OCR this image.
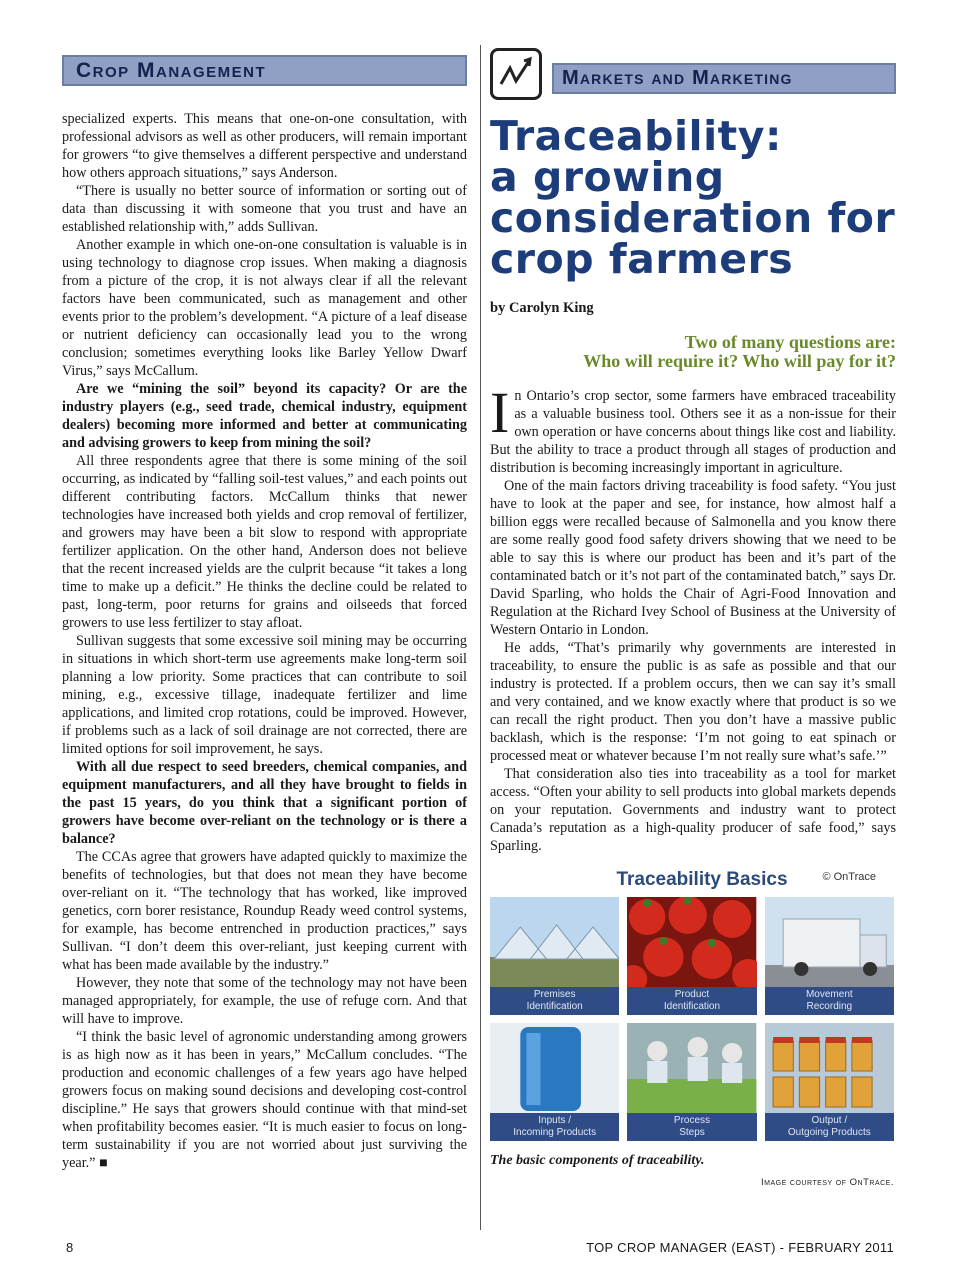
Crop Management

specialized experts. This means that one-on-one consultation, with professional advisors as well as other producers, will remain important for growers “to give themselves a different perspective and understand how others approach situations,” says Anderson.

“There is usually no better source of information or sorting out of data than discussing it with someone that you trust and have an established relationship with,” adds Sullivan.

Another example in which one-on-one consultation is valuable is in using technology to diagnose crop issues. When making a diagnosis from a picture of the crop, it is not always clear if all the relevant factors have been communicated, such as management and other events prior to the problem’s development. “A picture of a leaf disease or nutrient deficiency can occasionally lead you to the wrong conclusion; sometimes everything looks like Barley Yellow Dwarf Virus,” says McCallum.

Are we “mining the soil” beyond its capacity? Or are the industry players (e.g., seed trade, chemical industry, equipment dealers) becoming more informed and better at communicating and advising growers to keep from mining the soil?

All three respondents agree that there is some mining of the soil occurring, as indicated by “falling soil-test values,” and each points out different contributing factors. McCallum thinks that newer technologies have increased both yields and crop removal of fertilizer, and growers may have been a bit slow to respond with appropriate fertilizer application. On the other hand, Anderson does not believe that the recent increased yields are the culprit because “it takes a long time to make up a deficit.” He thinks the decline could be related to past, long-term, poor returns for grains and oilseeds that forced growers to use less fertilizer to stay afloat.

Sullivan suggests that some excessive soil mining may be occurring in situations in which short-term use agreements make long-term soil planning a low priority. Some practices that can contribute to soil mining, e.g., excessive tillage, inadequate fertilizer and lime applications, and limited crop rotations, could be improved. However, if problems such as a lack of soil drainage are not corrected, there are limited options for soil improvement, he says.

With all due respect to seed breeders, chemical companies, and equipment manufacturers, and all they have brought to fields in the past 15 years, do you think that a significant portion of growers have become over-reliant on the technology or is there a balance?

The CCAs agree that growers have adapted quickly to maximize the benefits of technologies, but that does not mean they have become over-reliant on it. “The technology that has worked, like improved genetics, corn borer resistance, Roundup Ready weed control systems, for example, has become entrenched in production practices,” says Sullivan. “I don’t deem this over-reliant, just keeping current with what has been made available by the industry.”

However, they note that some of the technology may not have been managed appropriately, for example, the use of refuge corn. And that will have to improve.

“I think the basic level of agronomic understanding among growers is as high now as it has been in years,” McCallum concludes. “The production and economic challenges of a few years ago have helped growers focus on making sound decisions and developing cost-control discipline.” He says that growers should continue with that mind-set when profitability becomes easier. “It is much easier to focus on long-term sustainability if you are not worried about just surviving the year.” ■

Markets and Marketing
Traceability:
a growing
consideration for
crop farmers
by Carolyn King
Two of many questions are:
Who will require it? Who will pay for it?

In Ontario’s crop sector, some farmers have embraced traceability as a valuable business tool. Others see it as a non-issue for their own operation or have concerns about things like cost and liability. But the ability to trace a product through all stages of production and distribution is becoming increasingly important in agriculture.

One of the main factors driving traceability is food safety. “You just have to look at the paper and see, for instance, how almost half a billion eggs were recalled because of Salmonella and you know there are some really good food safety drivers showing that we need to be able to say this is where our product has been and it’s part of the contaminated batch or it’s not part of the contaminated batch,” says Dr. David Sparling, who holds the Chair of Agri-Food Innovation and Regulation at the Richard Ivey School of Business at the University of Western Ontario in London.

He adds, “That’s primarily why governments are interested in traceability, to ensure the public is as safe as possible and that our industry is protected. If a problem occurs, then we can say it’s small and very contained, and we know exactly where that product is so we can recall the right product. Then you don’t have a massive public backlash, which is the response: ‘I’m not going to eat spinach or processed meat or whatever because I’m not really sure what’s safe.’”

That consideration also ties into traceability as a tool for market access. “Often your ability to sell products into global markets depends on your reputation. Governments and industry want to protect Canada’s reputation as a high-quality producer of safe food,” says Sparling.

Traceability Basics	© OnTrace
Premises
Identification
Product
Identification
Movement
Recording
Inputs /
Incoming Products
Process
Steps
Output /
Outgoing Products
The basic components of traceability.
Image courtesy of OnTrace.
8	TOP CROP MANAGER (EAST) - FEBRUARY 2011
